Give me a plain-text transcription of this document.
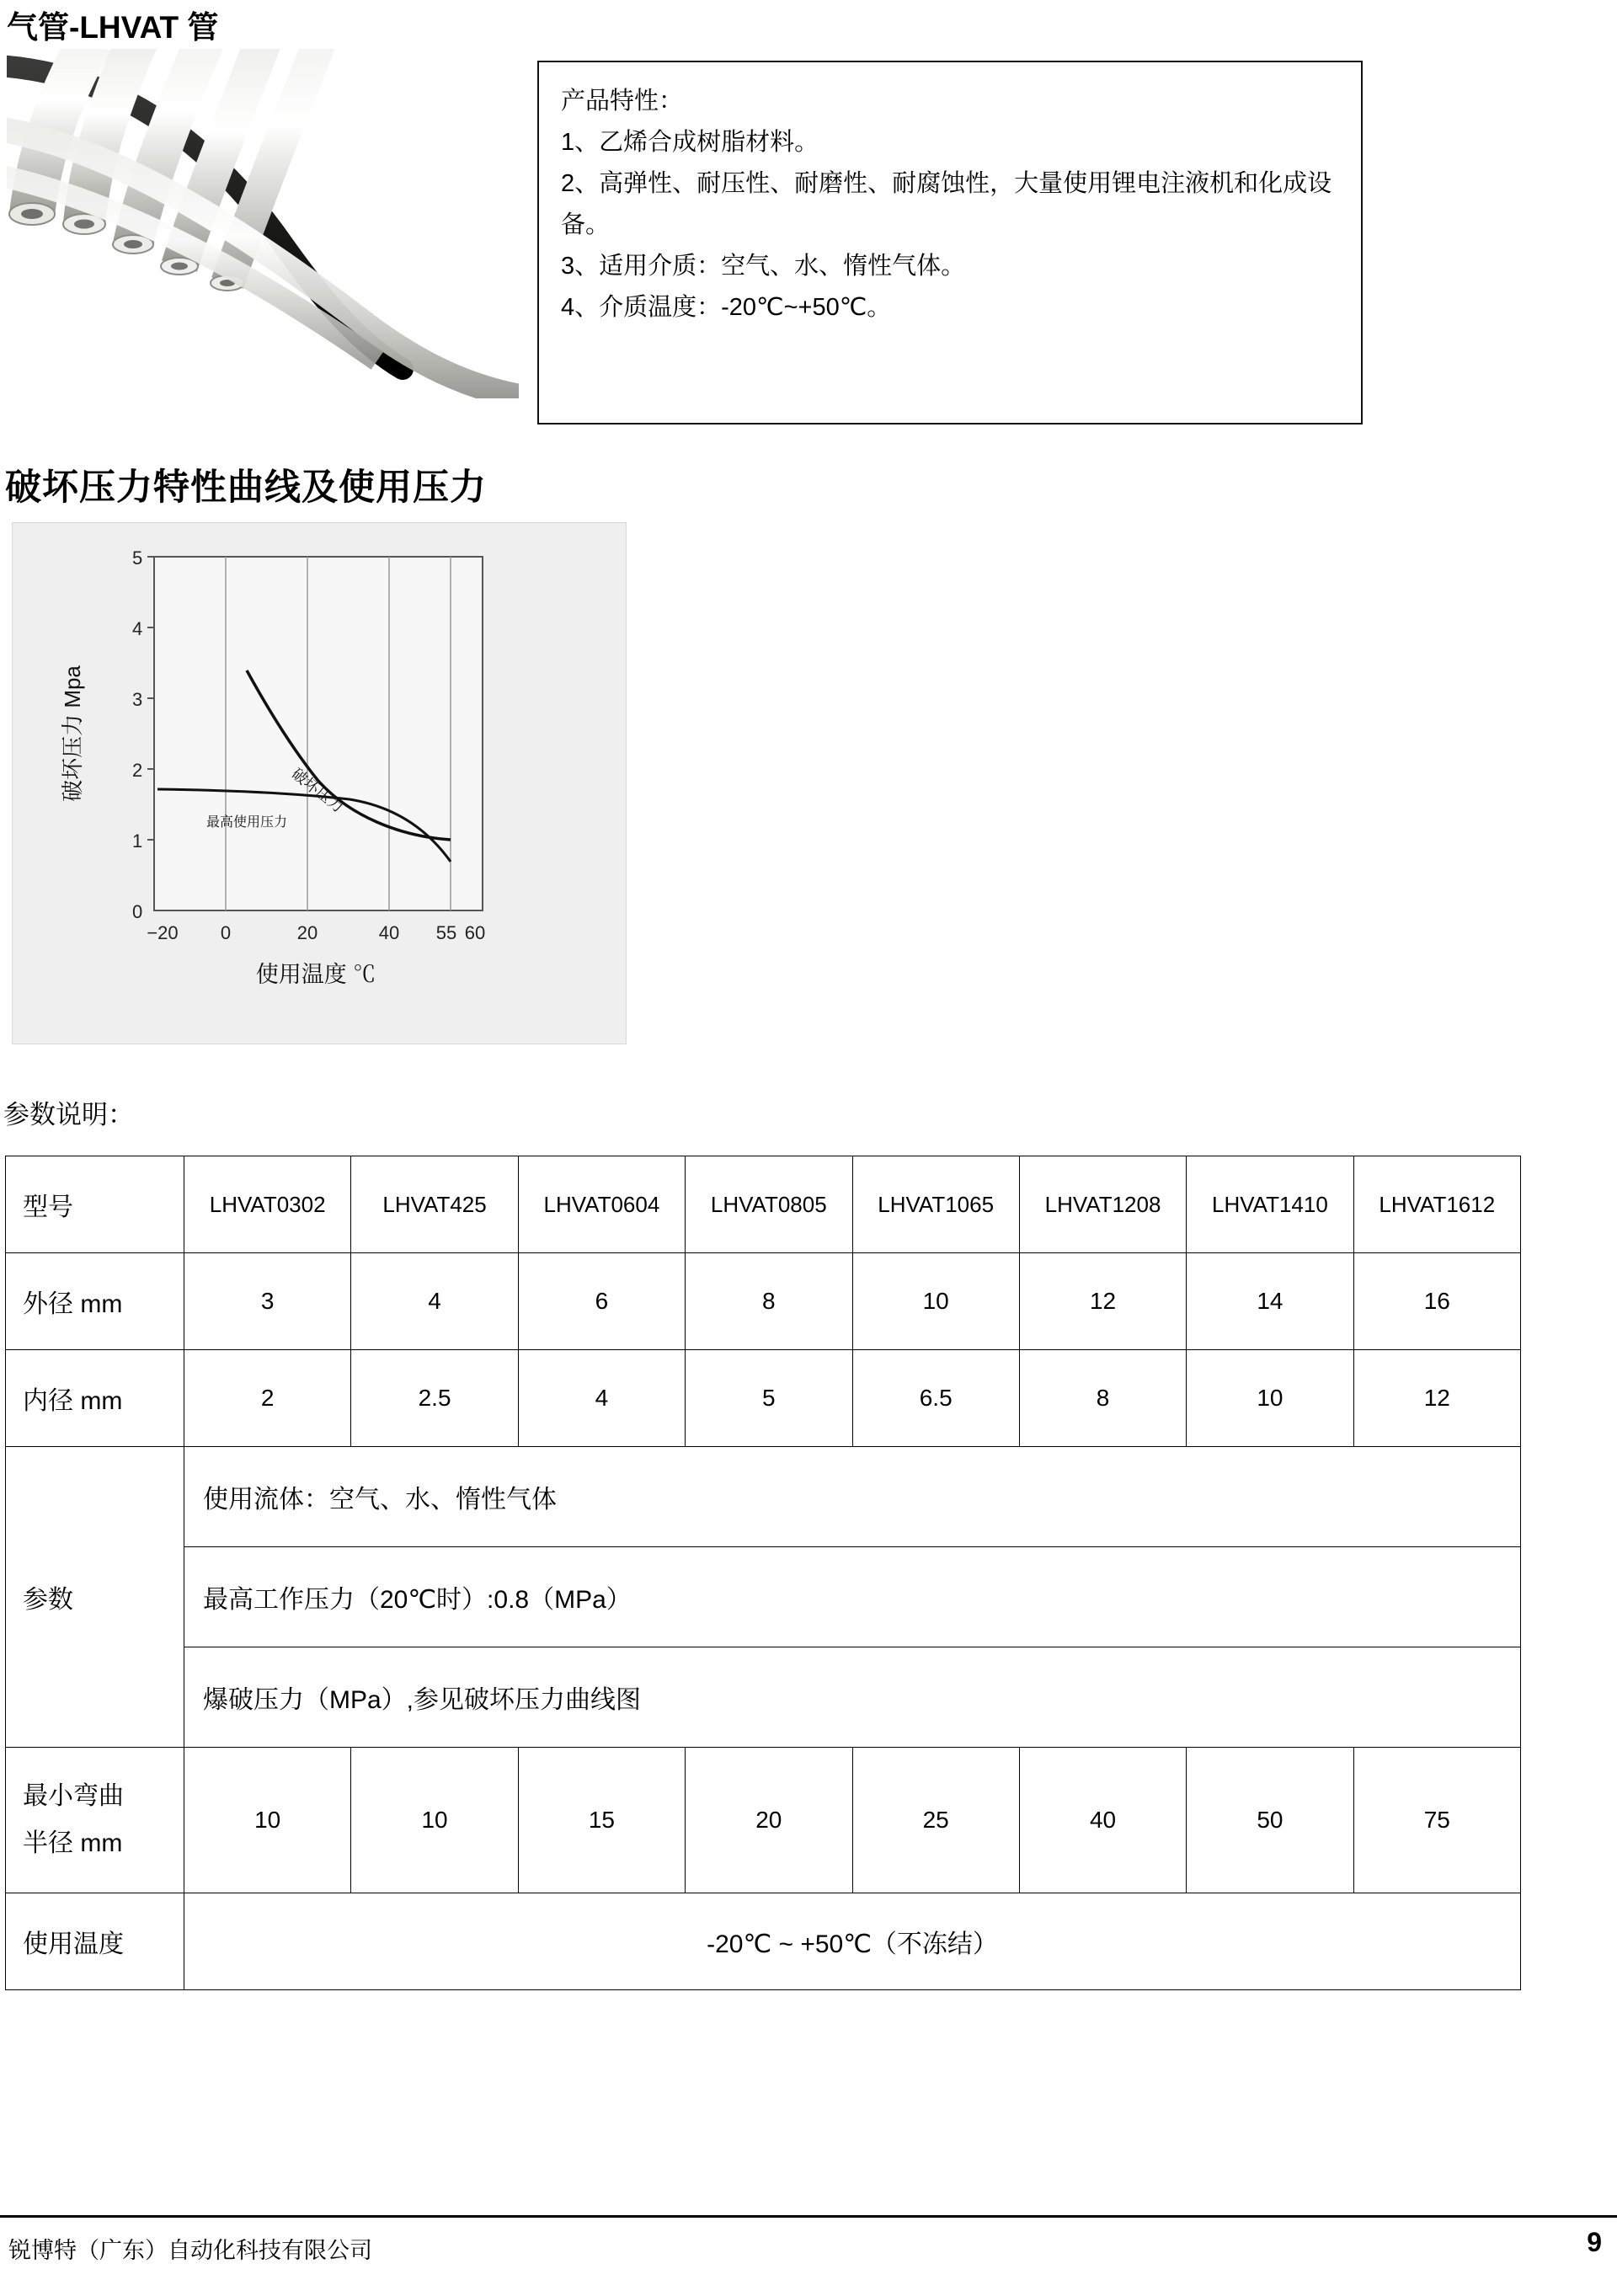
气管-LHVAT 管
产品特性：
1、乙烯合成树脂材料。
2、高弹性、耐压性、耐磨性、耐腐蚀性，大量使用锂电注液机和化成设备。
3、适用介质：空气、水、惰性气体。
4、介质温度：-20℃~+50℃。
破坏压力特性曲线及使用压力
5
4
3
2
1
0
−20 0	20	40 55 60
破坏压力 Mpa
使用温度 ℃
破坏压力
最高使用压力
参数说明：
型号	LHVAT0302	LHVAT425	LHVAT0604	LHVAT0805	LHVAT1065	LHVAT1208	LHVAT1410	LHVAT1612
外径 mm	3	4	6	8	10	12	14	16
内径 mm	2	2.5	4	5	6.5	8	10	12
参数	使用流体：空气、水、惰性气体							
	最高工作压力（20℃时）:0.8（MPa）							
	爆破压力（MPa）,参见破坏压力曲线图							

最小弯曲
半径 mm	10	10	15	20	25	40	50	75
使用温度	-20℃ ~ +50℃（不冻结）							
锐博特（广东）自动化科技有限公司	9
